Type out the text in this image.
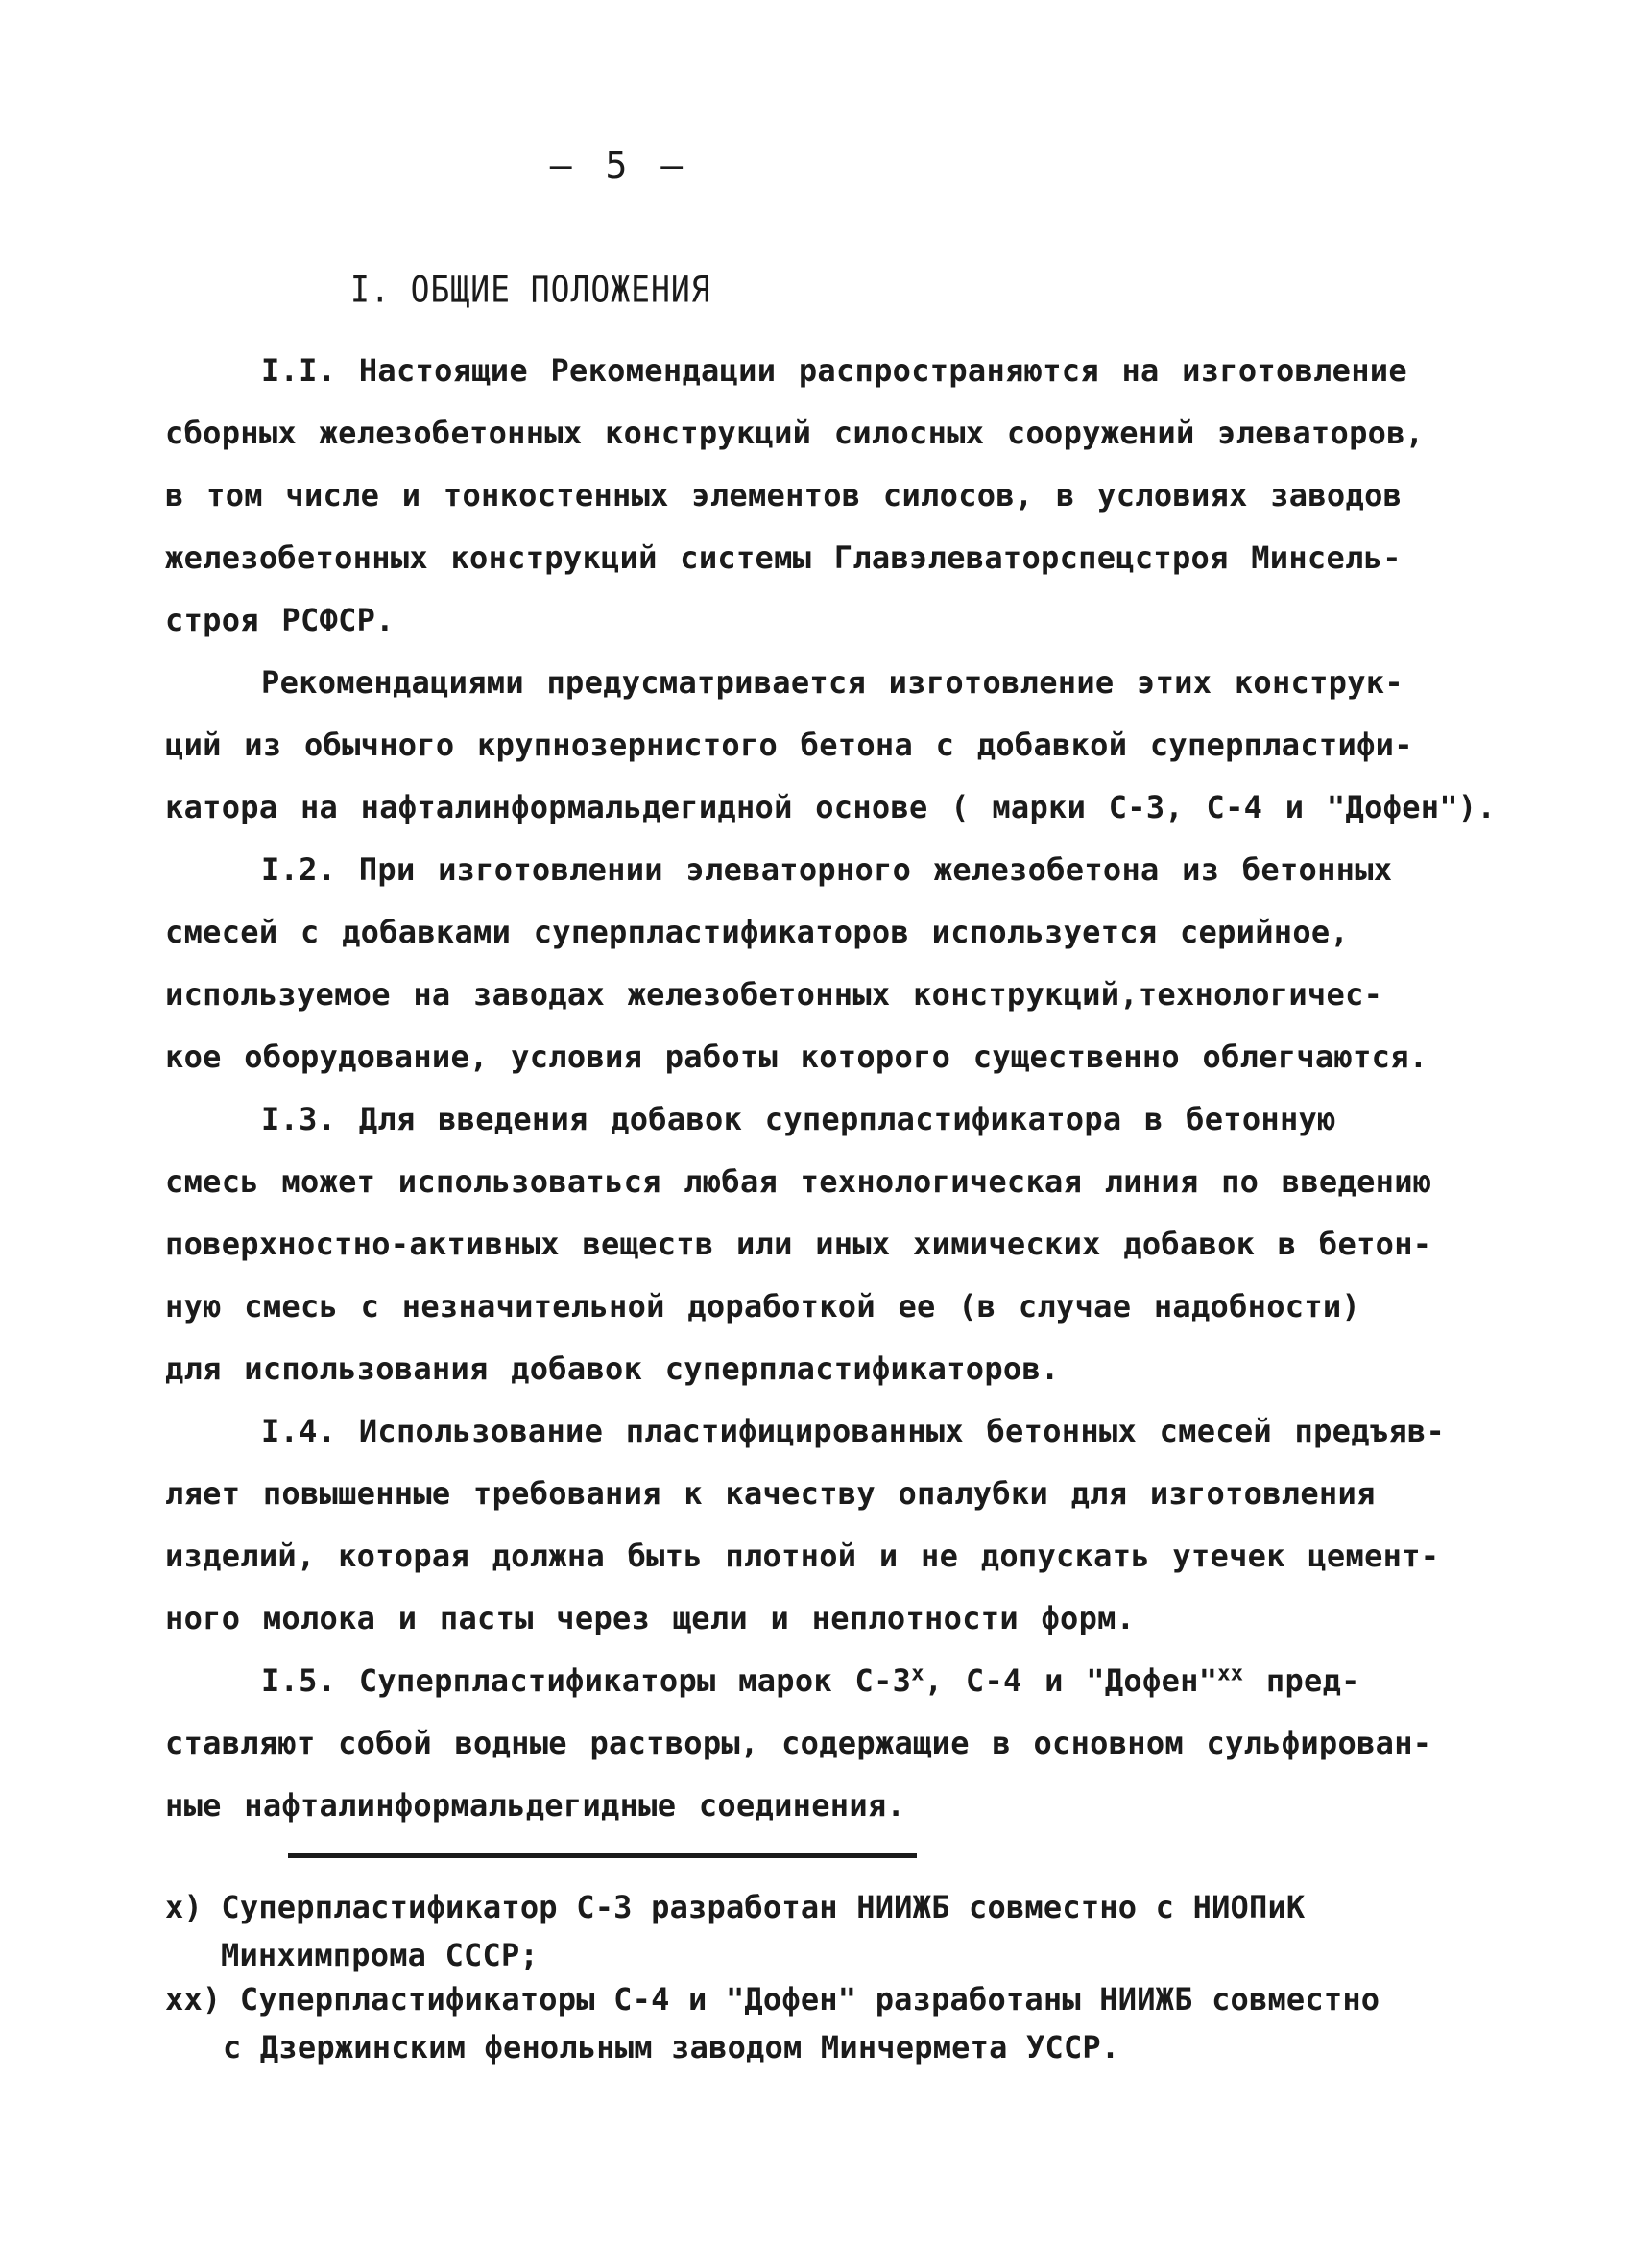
– 5 –
I. ОБЩИЕ ПОЛОЖЕНИЯ
I.I. Настоящие Рекомендации распространяются на изготовление
сборных железобетонных конструкций силосных сооружений элеваторов,
в том числе и тонкостенных элементов силосов, в условиях заводов
железобетонных конструкций системы Главэлеваторспецстроя Минсель-
строя РСФСР.
Рекомендациями предусматривается изготовление этих конструк-
ций из обычного крупнозернистого бетона с добавкой суперпластифи-
катора на нафталинформальдегидной основе ( марки С-3, С-4 и "Дофен").
I.2. При изготовлении элеваторного железобетона из бетонных
смесей с добавками суперпластификаторов используется серийное,
используемое на заводах железобетонных конструкций,технологичес-
кое оборудование, условия работы которого существенно облегчаются.
I.3. Для введения добавок суперпластификатора в бетонную
смесь может использоваться любая технологическая линия по введению
поверхностно-активных веществ или иных химических добавок в бетон-
ную смесь с незначительной доработкой ее (в случае надобности)
для использования добавок суперпластификаторов.
I.4. Использование пластифицированных бетонных смесей предъяв-
ляет повышенные требования к качеству опалубки для изготовления
изделий, которая должна быть плотной и не допускать утечек цемент-
ного молока и пасты через щели и неплотности форм.
I.5. Суперпластификаторы марок С-3$^x$, С-4 и "Дофен"$^{xx}$ пред-
ставляют собой водные растворы, содержащие в основном сульфирован-
ные нафталинформальдегидные соединения.
x) Суперпластификатор С-3 разработан НИИЖБ совместно с НИОПиК
Минхимпрома СССР;
xx) Суперпластификаторы С-4 и "Дофен" разработаны НИИЖБ совместно
с Дзержинским фенольным заводом Минчермета УССР.
